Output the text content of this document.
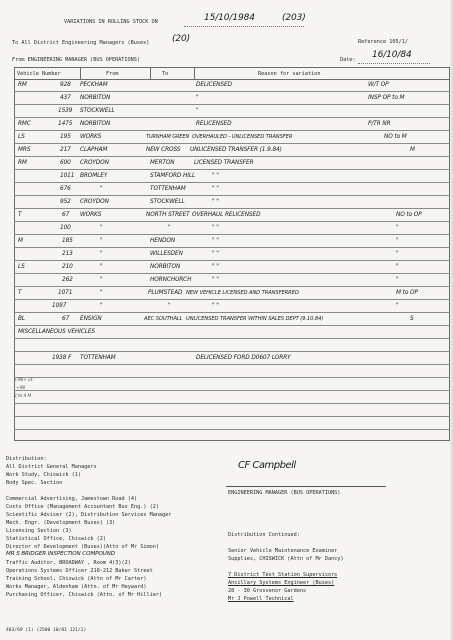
VARIATIONS IN ROLLING STOCK ON	15/10/1984	(203)
To All District Engineering Managers (Buses)	(20)	Reference 105/1/
From ENGINEERING MANAGER (BUS OPERATIONS)	Date: 16/10/84
Vehicle Number	From	To	Reason for variation
RM	928 PECKHAM	DELICENSED	W/T OP
437 NORBITON	"	INSP OP to M
1539 STOCKWELL	"
RMC	1475 NORBITON	RELICENSED	P/TR NR
LS	195 WORKS	TURNHAM GREEN OVERHAULED - UNLICENSED TRANSFER	NO to M
MRS	217 CLAPHAM	NEW CROSS UNLICENSED TRANSFER (1.9.84)	M
RM	600 CROYDON	MERTON	LICENSED TRANSFER
1011 BROMLEY	STAMFORD HILL	" "
676	"	TOTTENHAM	" "
952 CROYDON	STOCKWELL	" "
T	67 WORKS	NORTH STREET OVERHAUL RELICENSED	NO to OP
100	"	"	" "	"
M	185	"	HENDON	" "	"
213	"	WILLESDEN	" "	"
LS	210	"	NORBITON	" "	"
262	"	HORNCHURCH	" "	"
T	1071	"	PLUMSTEAD NEW VEHICLE LICENSED AND TRANSFERRED	M to OP
1097	"	"	" "	"
BL	67 ENSIGN	AEC SOUTHALL UNLICENSED TRANSFER WITHIN SALES DEPT (9.10.84)	S
MISCELLANEOUS VEHICLES
1938 F TOTTENHAM	DELICENSED FORD D0607 LORRY
+INI+ ut
+INI
2 to 4 M
CF Campbell
ENGINEERING MANAGER (BUS OPERATIONS)
Distribution:
All District General Managers
Work Study, Chiswick (1)
Body Spec. Section
Commercial Advertising, Jamestown Road (4)
Costs Office (Management Accountant Bus Eng.) (2)
Scientific Adviser (2), Distribution Services Manager
Mech. Engr. (Development Buses) (3)
Licensing Section (3)
Statistical Office, Chiswick (2)
Director of Development (Buses)(Attn of Mr Simon)
MR S BRIDGER INSPECTION COMPOUND
Traffic Auditor, BROADWAY , Room 4(3)(2)
Operations Systems Officer 210-212 Baker Street
Training School, Chiswick (Attn of Mr Carter)
Works Manager, Aldenham (Attn. of Mr Heyward)
Purchasing Officer, Chiswick (Attn. of Mr Hillier)
Distribution Continued:
Senior Vehicle Maintenance Examiner
Supplies, CHISWICK (Attn of Mr Dancy)
7 District Test Station Supervisors
Ancillary Systems Engineer (Buses)
28 - 30 Grosvenor Gardens
Mr J Powell Technical
403/69 (1) (2500 10/81 121/1)
